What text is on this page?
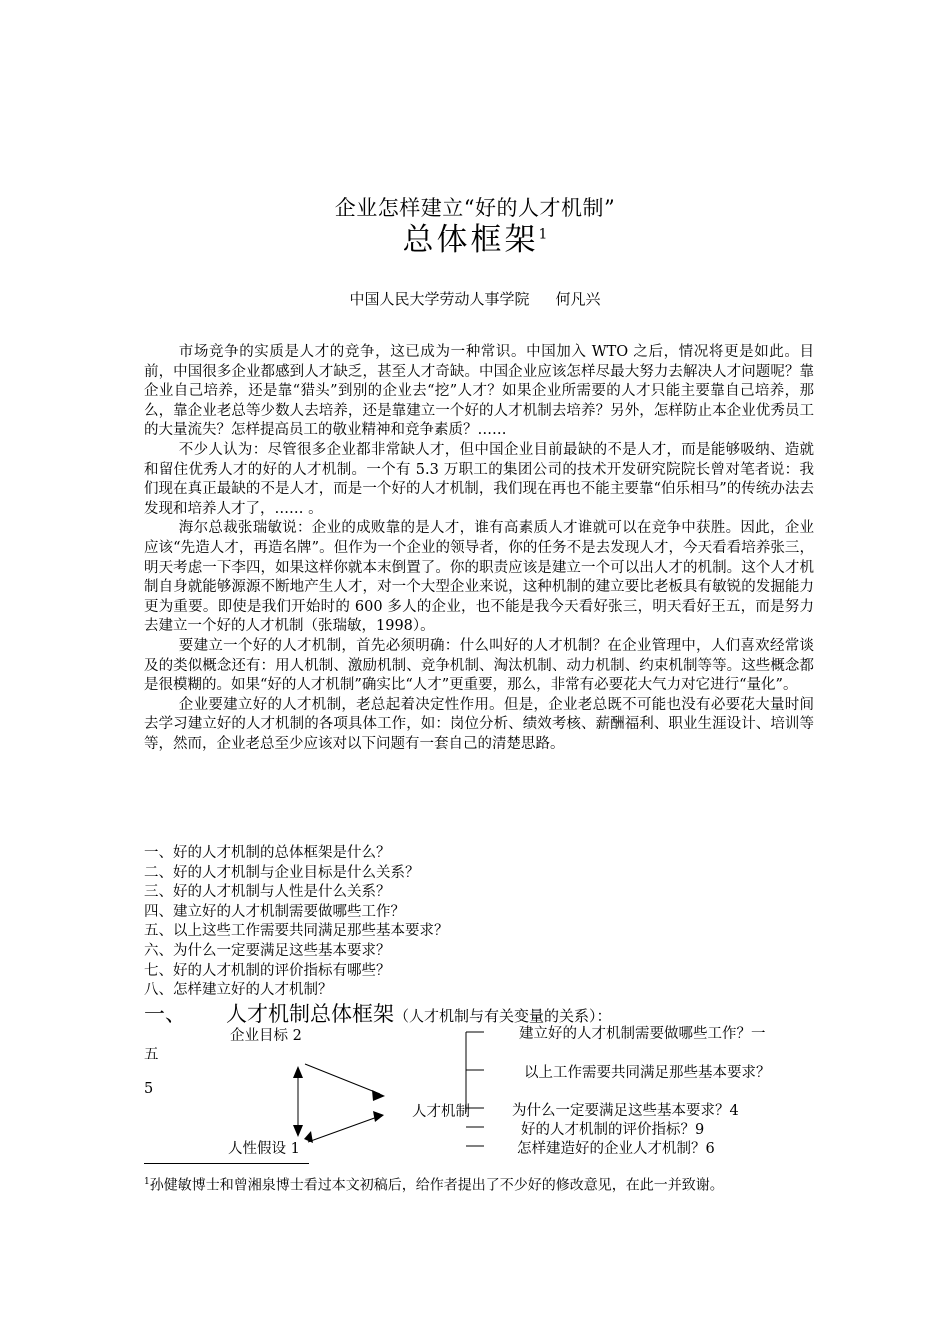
企业怎样建立“好的人才机制”
总体框架$^1$
中国人民大学劳动人事学院 何凡兴

市场竞争的实质是人才的竞争，这已成为一种常识。中国加入 WTO 之后，情况将更是如此。目前，中国很多企业都感到人才缺乏，甚至人才奇缺。中国企业应该怎样尽最大努力去解决人才问题呢？靠企业自己培养，还是靠“猎头”到别的企业去“挖”人才？如果企业所需要的人才只能主要靠自己培养，那么，靠企业老总等少数人去培养，还是靠建立一个好的人才机制去培养？另外，怎样防止本企业优秀员工的大量流失？怎样提高员工的敬业精神和竞争素质？……

不少人认为：尽管很多企业都非常缺人才，但中国企业目前最缺的不是人才，而是能够吸纳、造就和留住优秀人才的好的人才机制。一个有 5.3 万职工的集团公司的技术开发研究院院长曾对笔者说：我们现在真正最缺的不是人才，而是一个好的人才机制，我们现在再也不能主要靠“伯乐相马”的传统办法去发现和培养人才了，…… 。

海尔总裁张瑞敏说：企业的成败靠的是人才，谁有高素质人才谁就可以在竞争中获胜。因此，企业应该“先造人才，再造名牌”。但作为一个企业的领导者，你的任务不是去发现人才，今天看看培养张三，明天考虑一下李四，如果这样你就本末倒置了。你的职责应该是建立一个可以出人才的机制。这个人才机制自身就能够源源不断地产生人才，对一个大型企业来说，这种机制的建立要比老板具有敏锐的发掘能力更为重要。即使是我们开始时的 600 多人的企业，也不能是我今天看好张三，明天看好王五，而是努力去建立一个好的人才机制（张瑞敏，1998）。

要建立一个好的人才机制，首先必须明确：什么叫好的人才机制？在企业管理中，人们喜欢经常谈及的类似概念还有：用人机制、激励机制、竞争机制、淘汰机制、动力机制、约束机制等等。这些概念都是很模糊的。如果“好的人才机制”确实比“人才”更重要，那么，非常有必要花大气力对它进行“量化”。

企业要建立好的人才机制，老总起着决定性作用。但是，企业老总既不可能也没有必要花大量时间去学习建立好的人才机制的各项具体工作，如：岗位分析、绩效考核、薪酬福利、职业生涯设计、培训等等，然而，企业老总至少应该对以下问题有一套自己的清楚思路。

一、好的人才机制的总体框架是什么？
二、好的人才机制与企业目标是什么关系？
三、好的人才机制与人性是什么关系？
四、建立好的人才机制需要做哪些工作？
五、以上这些工作需要共同满足那些基本要求？
六、为什么一定要满足这些基本要求？
七、好的人才机制的评价指标有哪些？
八、怎样建立好的人才机制？
一、 人才机制总体框架（人才机制与有关变量的关系）：
企业目标 2
人性假设 1
人才机制
建立好的人才机制需要做哪些工作？一
五
以上工作需要共同满足那些基本要求？
5
为什么一定要满足这些基本要求？4
好的人才机制的评价指标？9
怎样建造好的企业人才机制？6
$^1$孙健敏博士和曾湘泉博士看过本文初稿后，给作者提出了不少好的修改意见，在此一并致谢。
